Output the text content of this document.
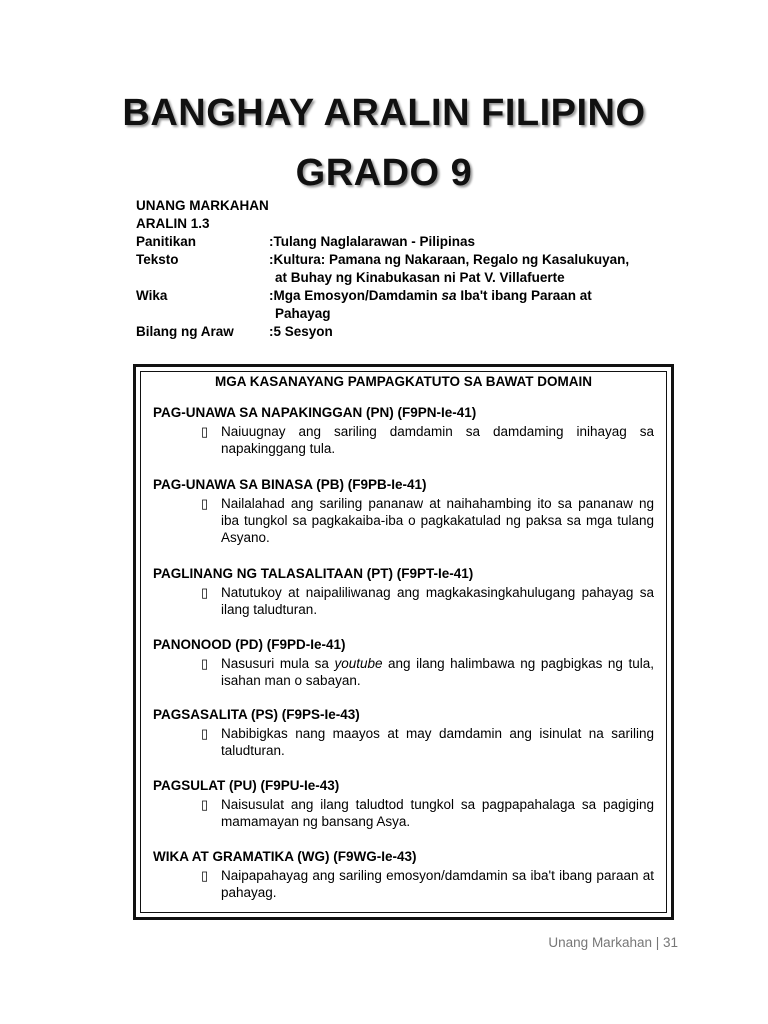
BANGHAY ARALIN FILIPINO
GRADO 9
UNANG MARKAHAN
ARALIN 1.3
Panitikan	:Tulang Naglalarawan - Pilipinas
Teksto	:Kultura: Pamana ng Nakaraan, Regalo ng Kasalukuyan,
at Buhay ng Kinabukasan ni Pat V. Villafuerte
Wika	:Mga Emosyon/Damdamin sa Iba't ibang Paraan at
Pahayag
Bilang ng Araw	:5 Sesyon
MGA KASANAYANG PAMPAGKATUTO SA BAWAT DOMAIN
PAG-UNAWA SA NAPAKINGGAN (PN) (F9PN-Ie-41)
▯ Naiuugnay ang sariling damdamin sa damdaming inihayag sa napakinggang tula.
PAG-UNAWA SA BINASA (PB) (F9PB-Ie-41)
▯ Nailalahad ang sariling pananaw at naihahambing ito sa pananaw ng iba tungkol sa pagkakaiba-iba o pagkakatulad ng paksa sa mga tulang Asyano.
PAGLINANG NG TALASALITAAN (PT) (F9PT-Ie-41)
▯ Natutukoy at naipaliliwanag ang magkakasingkahulugang pahayag sa ilang taludturan.
PANONOOD (PD) (F9PD-Ie-41)
▯ Nasusuri mula sa youtube ang ilang halimbawa ng pagbigkas ng tula, isahan man o sabayan.
PAGSASALITA (PS) (F9PS-Ie-43)
▯ Nabibigkas nang maayos at may damdamin ang isinulat na sariling taludturan.
PAGSULAT (PU) (F9PU-Ie-43)
▯ Naisusulat ang ilang taludtod tungkol sa pagpapahalaga sa pagiging mamamayan ng bansang Asya.
WIKA AT GRAMATIKA (WG) (F9WG-Ie-43)
▯ Naipapahayag ang sariling emosyon/damdamin sa iba't ibang paraan at pahayag.
Unang Markahan | 31
